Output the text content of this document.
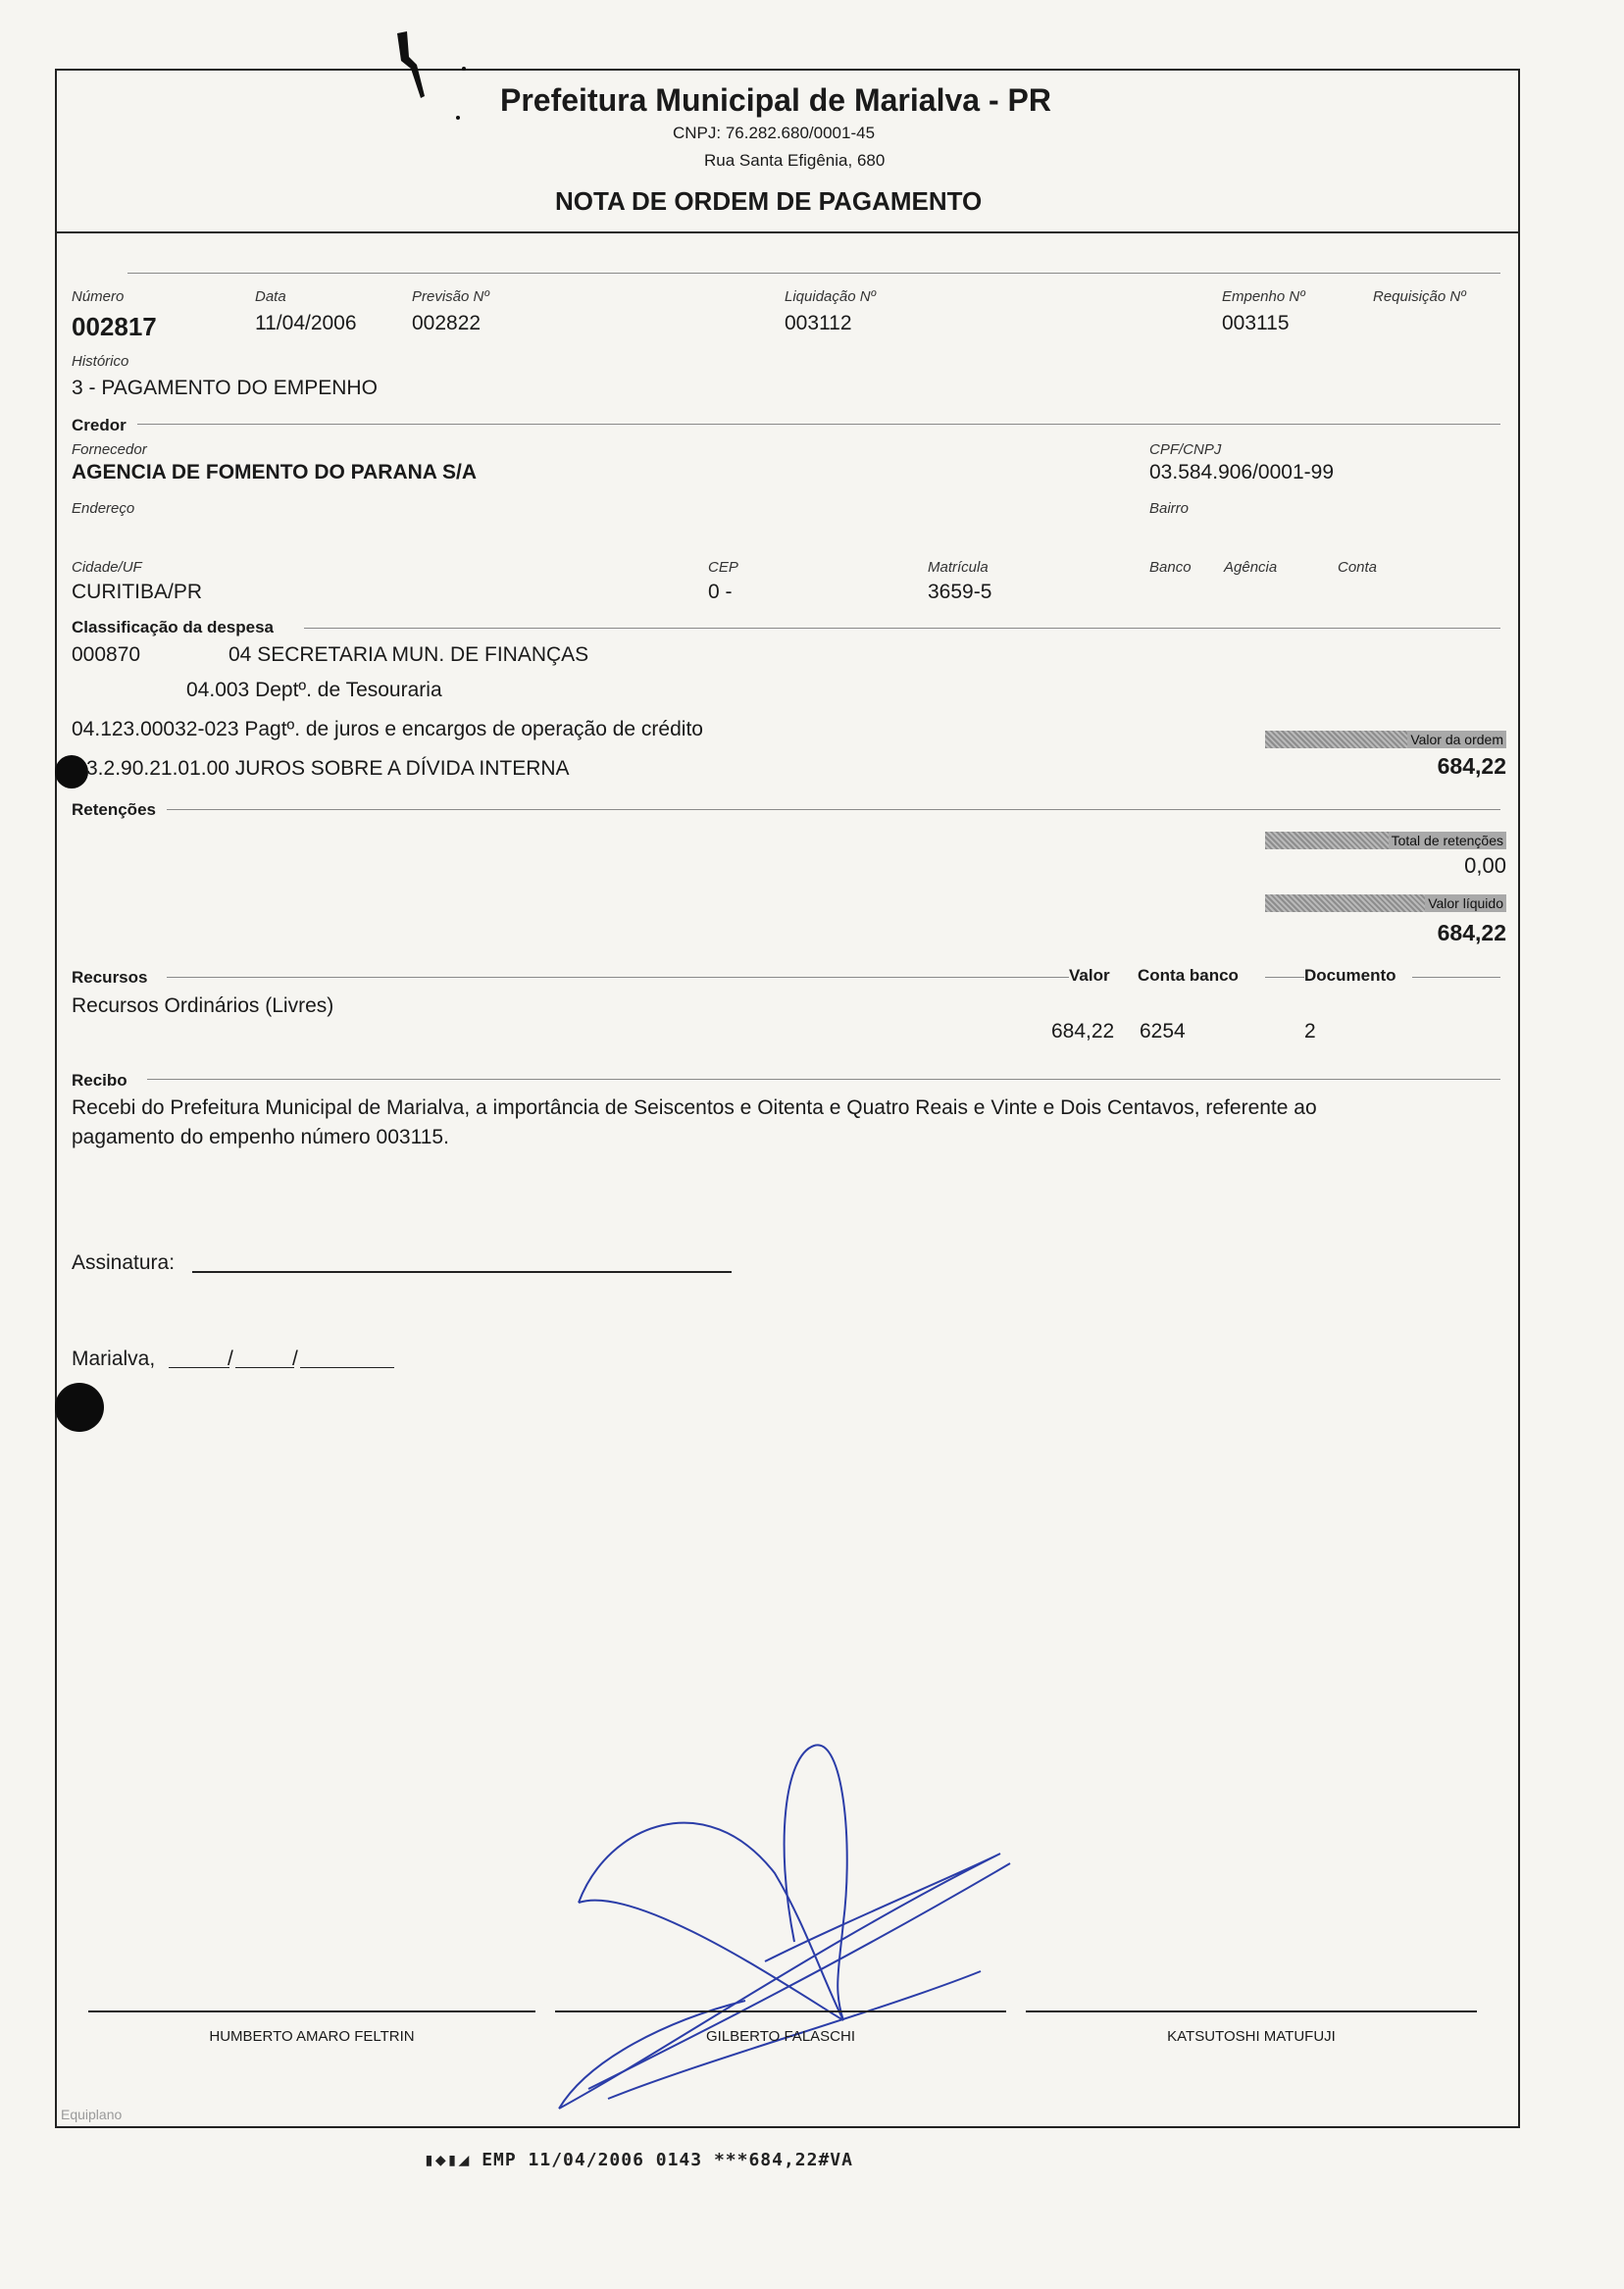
Prefeitura Municipal de Marialva - PR
CNPJ: 76.282.680/0001-45
Rua Santa Efigênia, 680
NOTA DE ORDEM DE PAGAMENTO
Número
002817
Data
11/04/2006
Previsão Nº
002822
Liquidação Nº
003112
Empenho Nº
003115
Requisição Nº
Histórico
3 - PAGAMENTO DO EMPENHO
Credor
Fornecedor
AGENCIA DE FOMENTO DO PARANA S/A
CPF/CNPJ
03.584.906/0001-99
Endereço	Bairro
Cidade/UF
CURITIBA/PR
CEP
0 -
Matrícula
3659-5
Banco Agência	Conta
Classificação da despesa
000870	04 SECRETARIA MUN. DE FINANÇAS
04.003 Deptº. de Tesouraria
04.123.00032-023 Pagtº. de juros e encargos de operação de crédito
3.2.90.21.01.00 JUROS SOBRE A DÍVIDA INTERNA
Valor da ordem
684,22
Retenções
Total de retenções
0,00
Valor líquido
684,22
Recursos	Valor Conta banco	Documento
Recursos Ordinários (Livres)
684,22 6254	2
Recibo
Recebi do Prefeitura Municipal de Marialva, a importância de Seiscentos e Oitenta e Quatro Reais e Vinte e Dois Centavos, referente ao
pagamento do empenho número 003115.
Assinatura:
Marialva,	/	/
HUMBERTO AMARO FELTRIN	GILBERTO FALASCHI	KATSUTOSHI MATUFUJI
Equiplano
▮◆▮◢ EMP 11/04/2006 0143 ***684,22#VA
